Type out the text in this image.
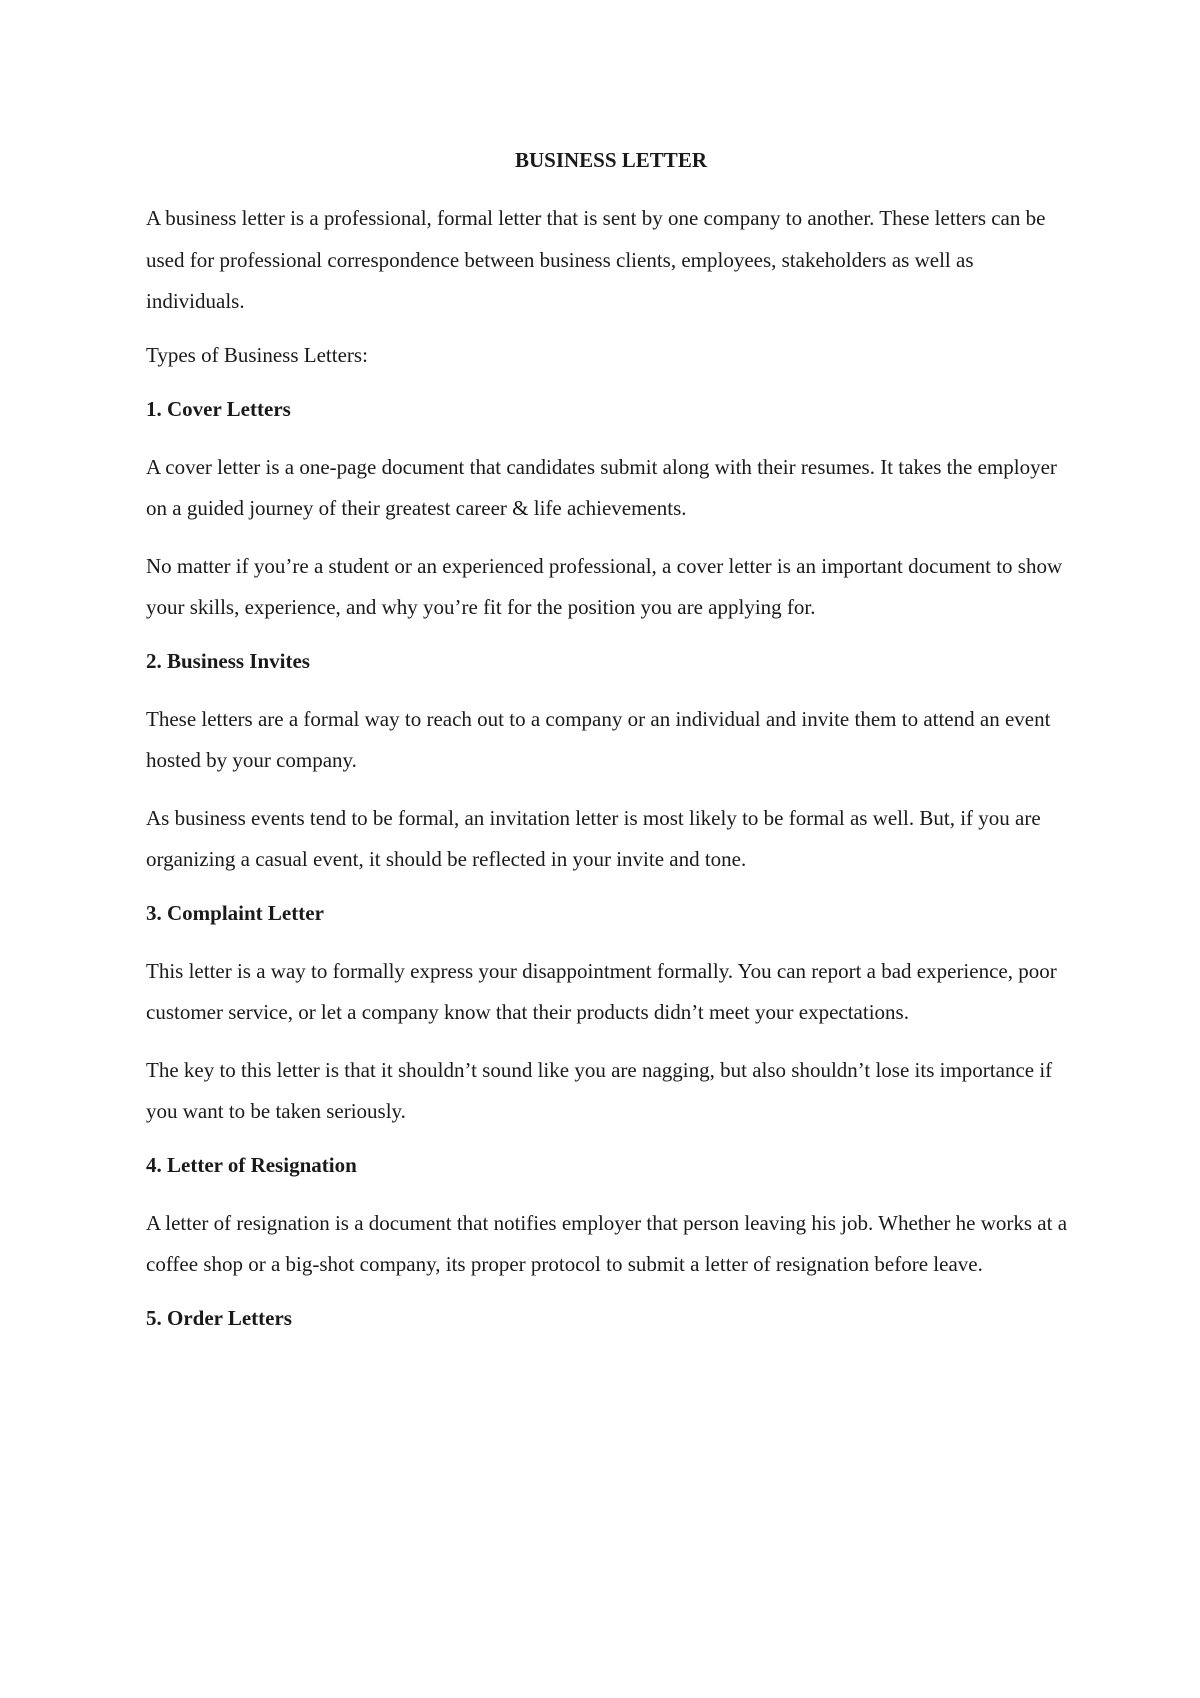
BUSINESS LETTER

A business letter is a professional, formal letter that is sent by one company to another. These letters can be used for professional correspondence between business clients, employees, stakeholders as well as individuals.

Types of Business Letters:
1. Cover Letters

A cover letter is a one-page document that candidates submit along with their resumes. It takes the employer on a guided journey of their greatest career & life achievements.

No matter if you’re a student or an experienced professional, a cover letter is an important document to show your skills, experience, and why you’re fit for the position you are applying for.

2. Business Invites

These letters are a formal way to reach out to a company or an individual and invite them to attend an event hosted by your company.

As business events tend to be formal, an invitation letter is most likely to be formal as well. But, if you are organizing a casual event, it should be reflected in your invite and tone.

3. Complaint Letter

This letter is a way to formally express your disappointment formally. You can report a bad experience, poor customer service, or let a company know that their products didn’t meet your expectations.

The key to this letter is that it shouldn’t sound like you are nagging, but also shouldn’t lose its importance if you want to be taken seriously.

4. Letter of Resignation

A letter of resignation is a document that notifies employer that person leaving his job. Whether he works at a coffee shop or a big-shot company, its proper protocol to submit a letter of resignation before leave.

5. Order Letters
